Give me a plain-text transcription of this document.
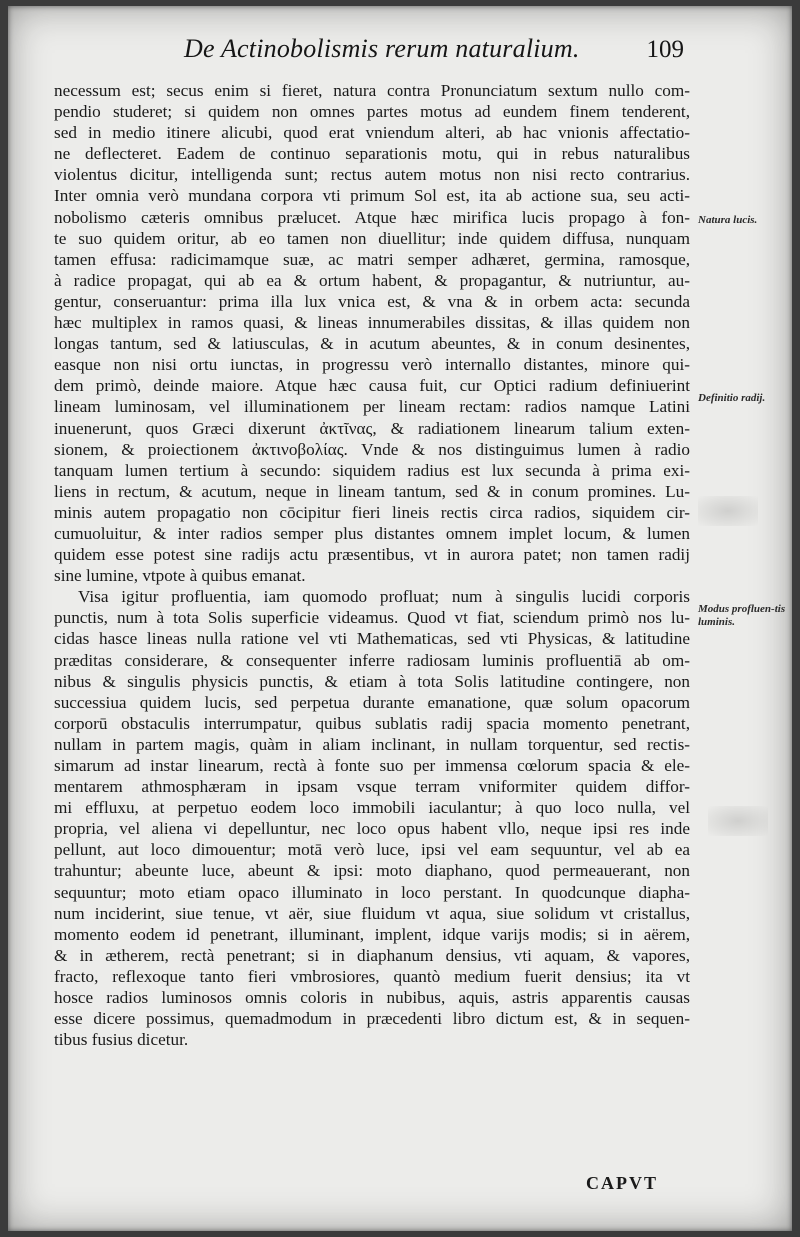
De Actinobolismis rerum naturalium.	109
necessum est; secus enim si fieret, natura contra Pronunciatum sextum nullo com-
pendio studeret; si quidem non omnes partes motus ad eundem finem tenderent,
sed in medio itinere alicubi, quod erat vniendum alteri, ab hac vnionis affectatio-
ne deflecteret. Eadem de continuo separationis motu, qui in rebus naturalibus
violentus dicitur, intelligenda sunt; rectus autem motus non nisi recto contrarius.
Inter omnia verò mundana corpora vti primum Sol est, ita ab actione sua, seu acti-
nobolismo cæteris omnibus prælucet. Atque hæc mirifica lucis propago à fon-
te suo quidem oritur, ab eo tamen non diuellitur; inde quidem diffusa, nunquam
tamen effusa: radicimamque suæ, ac matri semper adhæret, germina, ramosque,
à radice propagat, qui ab ea & ortum habent, & propagantur, & nutriuntur, au-
gentur, conseruantur: prima illa lux vnica est, & vna & in orbem acta: secunda
hæc multiplex in ramos quasi, & lineas innumerabiles dissitas, & illas quidem non
longas tantum, sed & latiusculas, & in acutum abeuntes, & in conum desinentes,
easque non nisi ortu iunctas, in progressu verò internallo distantes, minore qui-
dem primò, deinde maiore. Atque hæc causa fuit, cur Optici radium definiuerint
lineam luminosam, vel illuminationem per lineam rectam: radios namque Latini
inuenerunt, quos Græci dixerunt ἀκτῖνας, & radiationem linearum talium exten-
sionem, & proiectionem ἀκτινοβολίας. Vnde & nos distinguimus lumen à radio
tanquam lumen tertium à secundo: siquidem radius est lux secunda à prima exi-
liens in rectum, & acutum, neque in lineam tantum, sed & in conum promines. Lu-
minis autem propagatio non cōcipitur fieri lineis rectis circa radios, siquidem cir-
cumuoluitur, & inter radios semper plus distantes omnem implet locum, & lumen
quidem esse potest sine radijs actu præsentibus, vt in aurora patet; non tamen radij
sine lumine, vtpote à quibus emanat.
Visa igitur profluentia, iam quomodo profluat; num à singulis lucidi corporis
punctis, num à tota Solis superficie videamus. Quod vt fiat, sciendum primò nos lu-
cidas hasce lineas nulla ratione vel vti Mathematicas, sed vti Physicas, & latitudine
præditas considerare, & consequenter inferre radiosam luminis profluentiā ab om-
nibus & singulis physicis punctis, & etiam à tota Solis latitudine contingere, non
successiua quidem lucis, sed perpetua durante emanatione, quæ solum opacorum
corporū obstaculis interrumpatur, quibus sublatis radij spacia momento penetrant,
nullam in partem magis, quàm in aliam inclinant, in nullam torquentur, sed rectis-
simarum ad instar linearum, rectà à fonte suo per immensa cœlorum spacia & ele-
mentarem athmosphæram in ipsam vsque terram vniformiter quidem diffor-
mi effluxu, at perpetuo eodem loco immobili iaculantur; à quo loco nulla, vel
propria, vel aliena vi depelluntur, nec loco opus habent vllo, neque ipsi res inde
pellunt, aut loco dimouentur; motā verò luce, ipsi vel eam sequuntur, vel ab ea
trahuntur; abeunte luce, abeunt & ipsi: moto diaphano, quod permeauerant, non
sequuntur; moto etiam opaco illuminato in loco perstant. In quodcunque diapha-
num inciderint, siue tenue, vt aër, siue fluidum vt aqua, siue solidum vt cristallus,
momento eodem id penetrant, illuminant, implent, idque varijs modis; si in aërem,
& in ætherem, rectà penetrant; si in diaphanum densius, vti aquam, & vapores,
fracto, reflexoque tanto fieri vmbrosiores, quantò medium fuerit densius; ita vt
hosce radios luminosos omnis coloris in nubibus, aquis, astris apparentis causas
esse dicere possimus, quemadmodum in præcedenti libro dictum est, & in sequen-
tibus fusius dicetur.
Natura lucis.
Definitio radij.
Modus profluen-tis luminis.
CAPVT
